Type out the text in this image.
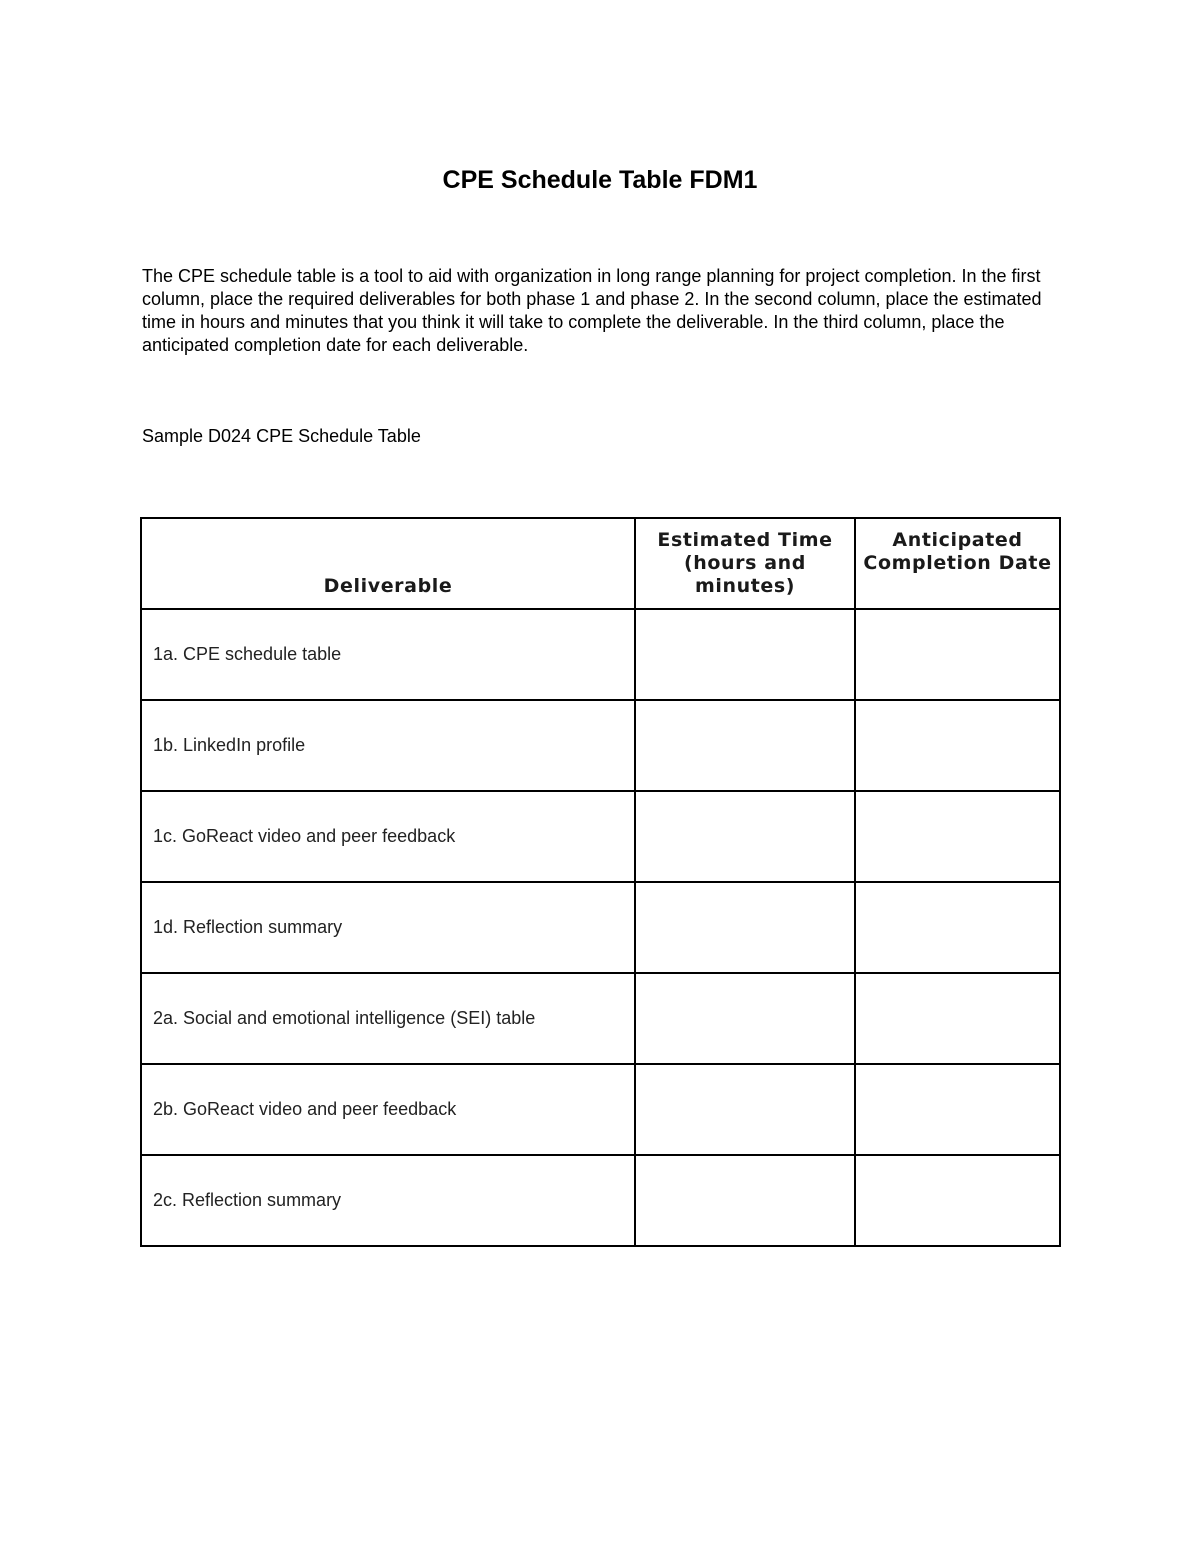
CPE Schedule Table FDM1
The CPE schedule table is a tool to aid with organization in long range planning for project completion. In the first column, place the required deliverables for both phase 1 and phase 2. In the second column, place the estimated time in hours and minutes that you think it will take to complete the deliverable. In the third column, place the anticipated completion date for each deliverable.
Sample D024 CPE Schedule Table
Deliverable	Estimated Time (hours and minutes)	Anticipated Completion Date
1a. CPE schedule table		
1b. LinkedIn profile		
1c. GoReact video and peer feedback		
1d. Reflection summary		
2a. Social and emotional intelligence (SEI) table		
2b. GoReact video and peer feedback		
2c. Reflection summary		
